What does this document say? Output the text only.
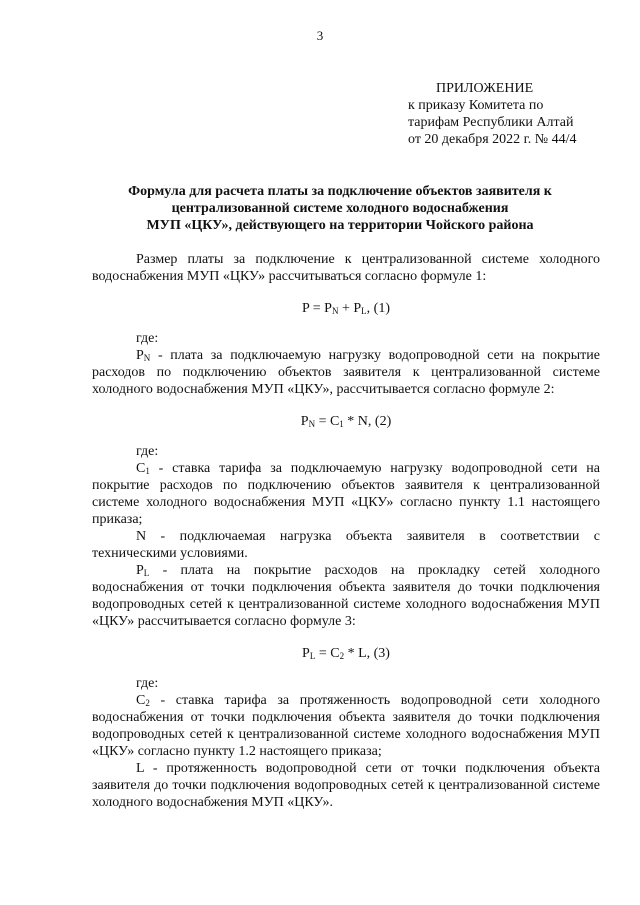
3
ПРИЛОЖЕНИЕ
к приказу Комитета по
тарифам Республики Алтай
от 20 декабря 2022 г. № 44/4
Формула для расчета платы за подключение объектов заявителя к
централизованной системе холодного водоснабжения
МУП «ЦКУ», действующего на территории Чойского района

Размер платы за подключение к централизованной системе холодного водоснабжения МУП «ЦКУ» рассчитываться согласно формуле 1:

$P = P_N + P_L$, (1)
где:

$P_N$ - плата за подключаемую нагрузку водопроводной сети на покрытие расходов по подключению объектов заявителя к централизованной системе холодного водоснабжения МУП «ЦКУ», рассчитывается согласно формуле 2:

$P_N = C_1 * N$, (2)
где:

$C_1$ - ставка тарифа за подключаемую нагрузку водопроводной сети на покрытие расходов по подключению объектов заявителя к централизованной системе холодного водоснабжения МУП «ЦКУ» согласно пункту 1.1 настоящего приказа;

N - подключаемая нагрузка объекта заявителя в соответствии с техническими условиями.

$P_L$ - плата на покрытие расходов на прокладку сетей холодного водоснабжения от точки подключения объекта заявителя до точки подключения водопроводных сетей к централизованной системе холодного водоснабжения МУП «ЦКУ» рассчитывается согласно формуле 3:

$P_L = C_2 * L$, (3)
где:

$C_2$ - ставка тарифа за протяженность водопроводной сети холодного водоснабжения от точки подключения объекта заявителя до точки подключения водопроводных сетей к централизованной системе холодного водоснабжения МУП «ЦКУ» согласно пункту 1.2 настоящего приказа;

L - протяженность водопроводной сети от точки подключения объекта заявителя до точки подключения водопроводных сетей к централизованной системе холодного водоснабжения МУП «ЦКУ».
